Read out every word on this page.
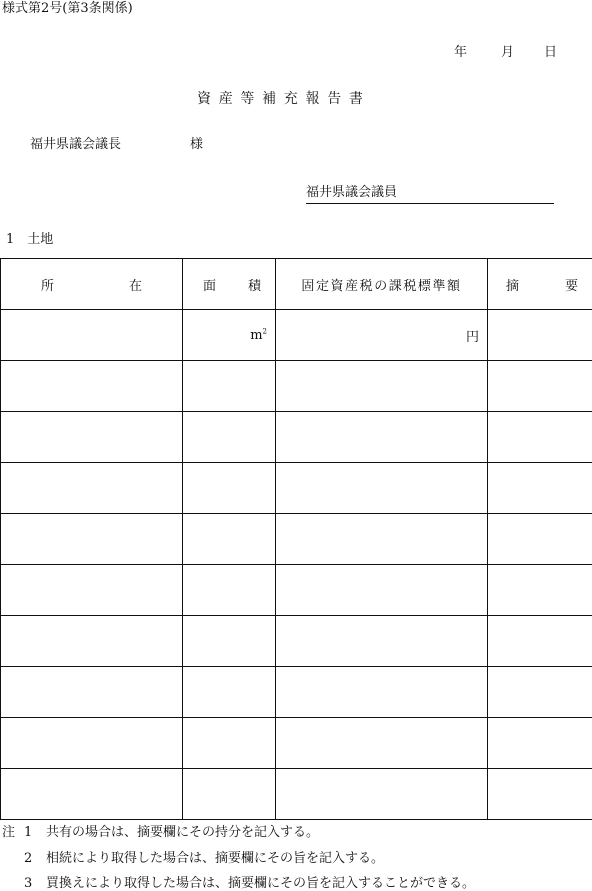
様式第2号(第3条関係)
年	月 日
資産等補充報告書
福井県議会議長	様
福井県議会議員
1　土地
所 在	面 積	固定資産税の課税標準額	摘 要

	$m^2$	円	

注 1 共有の場合は、摘要欄にその持分を記入する。
2 相続により取得した場合は、摘要欄にその旨を記入する。
3 買換えにより取得した場合は、摘要欄にその旨を記入することができる。
